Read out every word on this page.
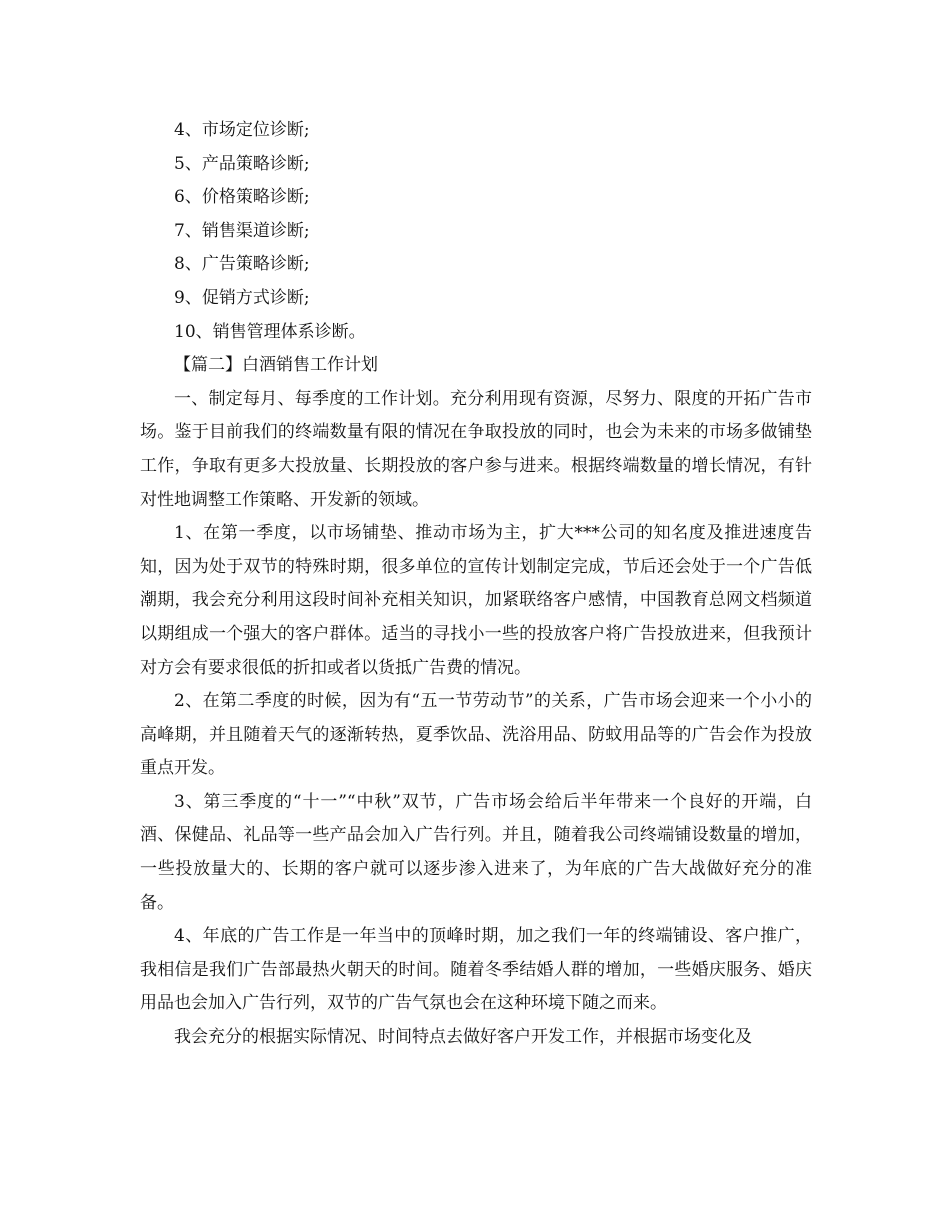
4、市场定位诊断;

5、产品策略诊断;

6、价格策略诊断;

7、销售渠道诊断;

8、广告策略诊断;

9、促销方式诊断;

10、销售管理体系诊断。

【篇二】白酒销售工作计划

一、制定每月、每季度的工作计划。充分利用现有资源，尽努力、限度的开拓广告市场。鉴于目前我们的终端数量有限的情况在争取投放的同时，也会为未来的市场多做铺垫工作，争取有更多大投放量、长期投放的客户参与进来。根据终端数量的增长情况，有针对性地调整工作策略、开发新的领域。

1、在第一季度，以市场铺垫、推动市场为主，扩大***公司的知名度及推进速度告知，因为处于双节的特殊时期，很多单位的宣传计划制定完成，节后还会处于一个广告低潮期，我会充分利用这段时间补充相关知识，加紧联络客户感情，中国教育总网文档频道以期组成一个强大的客户群体。适当的寻找小一些的投放客户将广告投放进来，但我预计对方会有要求很低的折扣或者以货抵广告费的情况。

2、在第二季度的时候，因为有“五一节劳动节”的关系，广告市场会迎来一个小小的高峰期，并且随着天气的逐渐转热，夏季饮品、洗浴用品、防蚊用品等的广告会作为投放重点开发。

3、第三季度的“十一”“中秋”双节，广告市场会给后半年带来一个良好的开端，白酒、保健品、礼品等一些产品会加入广告行列。并且，随着我公司终端铺设数量的增加，一些投放量大的、长期的客户就可以逐步渗入进来了，为年底的广告大战做好充分的准备。

4、年底的广告工作是一年当中的顶峰时期，加之我们一年的终端铺设、客户推广，我相信是我们广告部最热火朝天的时间。随着冬季结婚人群的增加，一些婚庆服务、婚庆用品也会加入广告行列，双节的广告气氛也会在这种环境下随之而来。

我会充分的根据实际情况、时间特点去做好客户开发工作，并根据市场变化及
